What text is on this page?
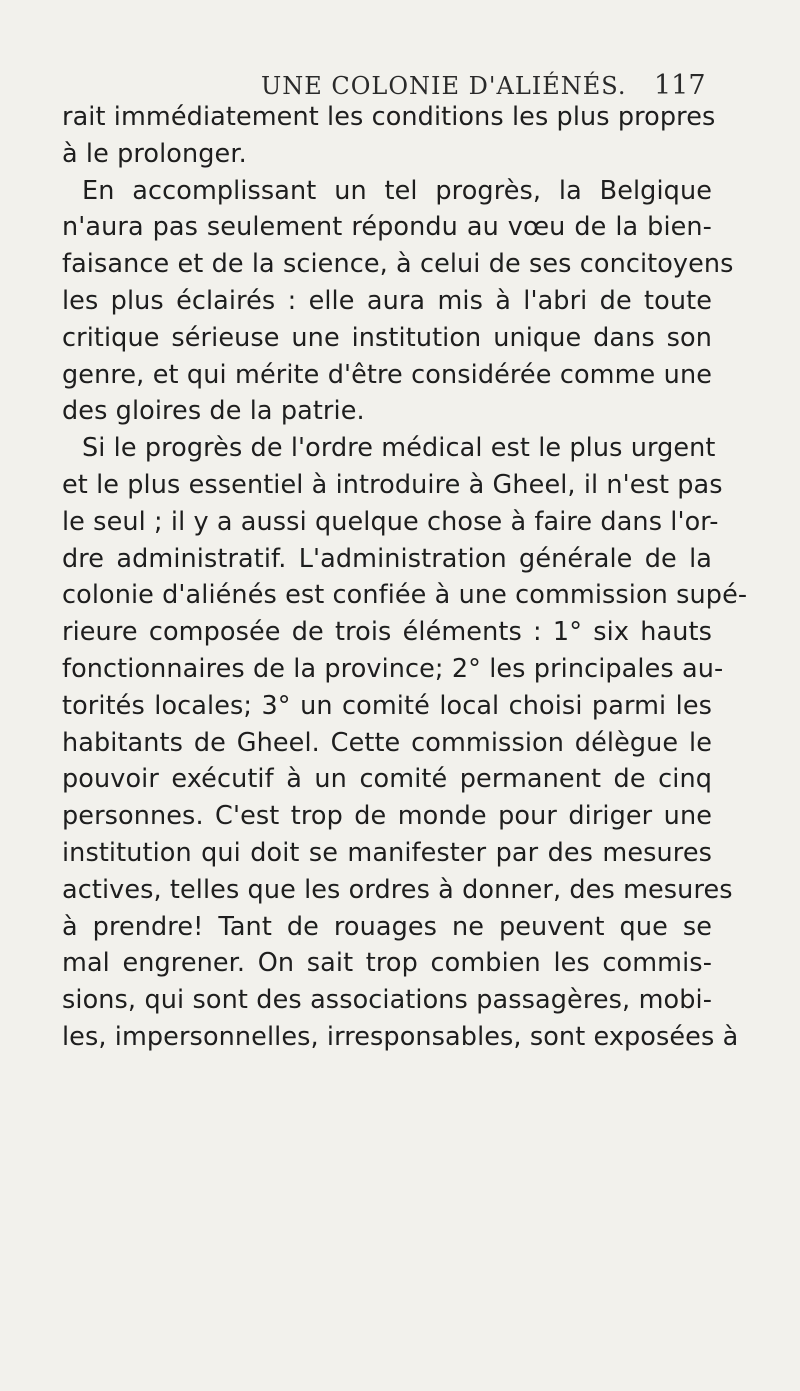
UNE COLONIE D'ALIÉNÉS. 117
rait immédiatement les conditions les plus propres
à le prolonger.
En accomplissant un tel progrès, la Belgique
n'aura pas seulement répondu au vœu de la bien-
faisance et de la science, à celui de ses concitoyens
les plus éclairés : elle aura mis à l'abri de toute
critique sérieuse une institution unique dans son
genre, et qui mérite d'être considérée comme une
des gloires de la patrie.
Si le progrès de l'ordre médical est le plus urgent
et le plus essentiel à introduire à Gheel, il n'est pas
le seul ; il y a aussi quelque chose à faire dans l'or-
dre administratif. L'administration générale de la
colonie d'aliénés est confiée à une commission supé-
rieure composée de trois éléments : 1° six hauts
fonctionnaires de la province; 2° les principales au-
torités locales; 3° un comité local choisi parmi les
habitants de Gheel. Cette commission délègue le
pouvoir exécutif à un comité permanent de cinq
personnes. C'est trop de monde pour diriger une
institution qui doit se manifester par des mesures
actives, telles que les ordres à donner, des mesures
à prendre! Tant de rouages ne peuvent que se
mal engrener. On sait trop combien les commis-
sions, qui sont des associations passagères, mobi-
les, impersonnelles, irresponsables, sont exposées à
